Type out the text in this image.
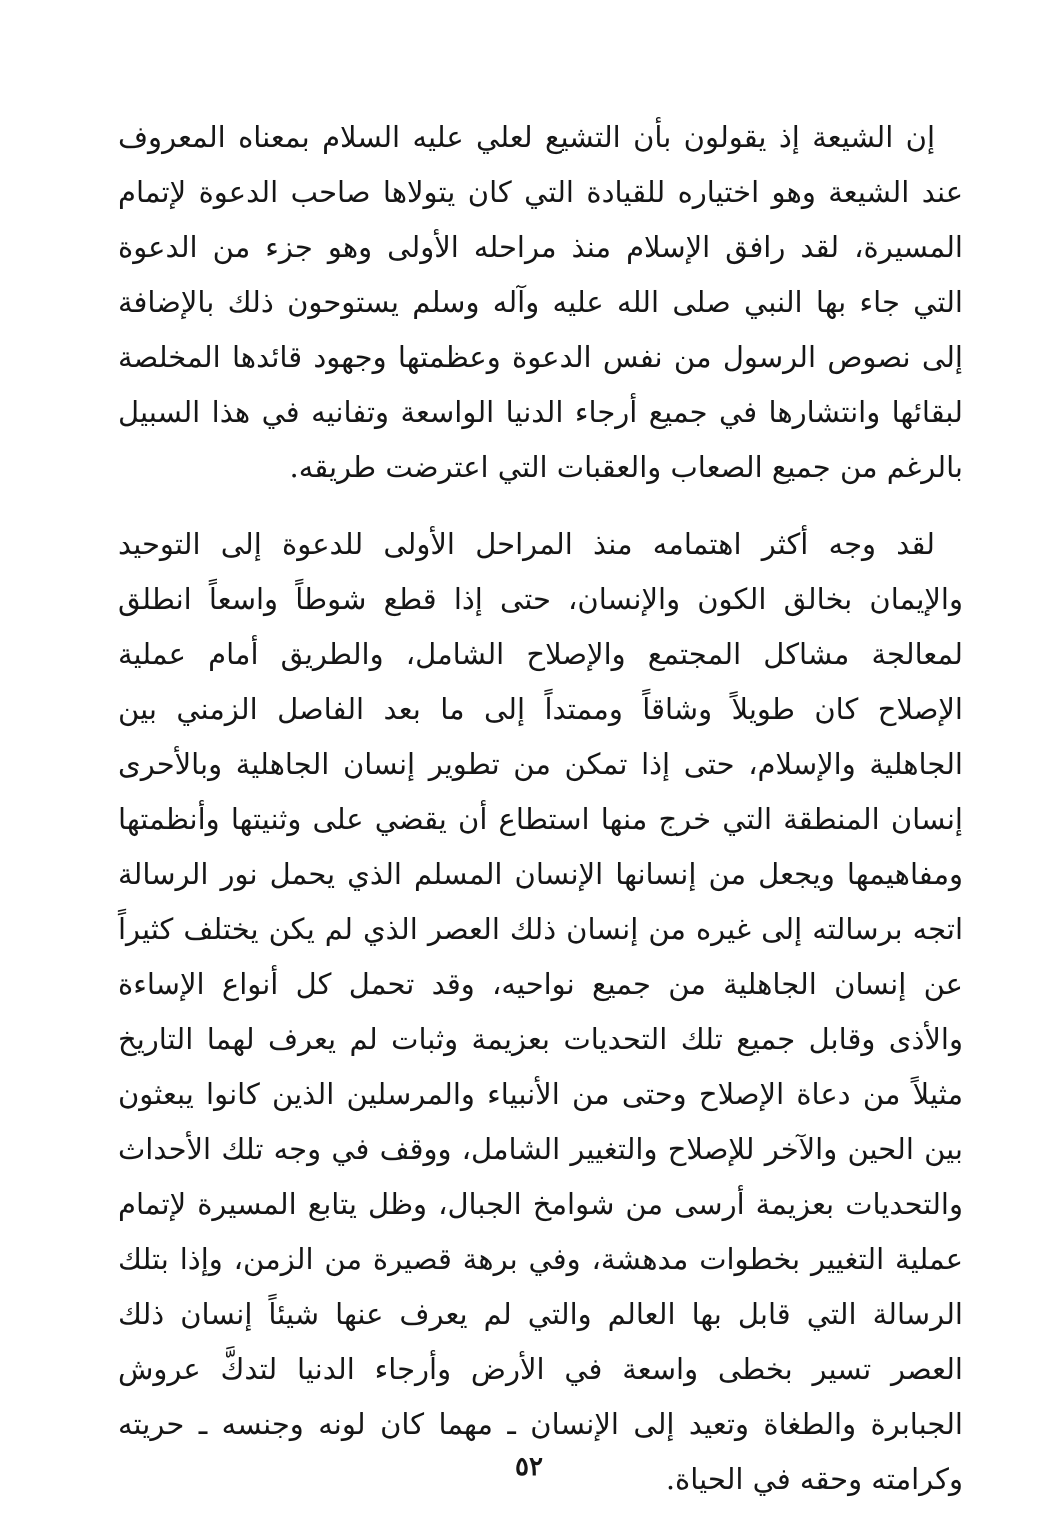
إن الشيعة إذ يقولون بأن التشيع لعلي عليه السلام بمعناه المعروف عند الشيعة وهو اختياره للقيادة التي كان يتولاها صاحب الدعوة لإتمام المسيرة، لقد رافق الإسلام منذ مراحله الأولى وهو جزء من الدعوة التي جاء بها النبي صلى الله عليه وآله وسلم يستوحون ذلك بالإضافة إلى نصوص الرسول من نفس الدعوة وعظمتها وجهود قائدها المخلصة لبقائها وانتشارها في جميع أرجاء الدنيا الواسعة وتفانيه في هذا السبيل بالرغم من جميع الصعاب والعقبات التي اعترضت طريقه.

لقد وجه أكثر اهتمامه منذ المراحل الأولى للدعوة إلى التوحيد والإيمان بخالق الكون والإنسان، حتى إذا قطع شوطاً واسعاً انطلق لمعالجة مشاكل المجتمع والإصلاح الشامل، والطريق أمام عملية الإصلاح كان طويلاً وشاقاً وممتداً إلى ما بعد الفاصل الزمني بين الجاهلية والإسلام، حتى إذا تمكن من تطوير إنسان الجاهلية وبالأحرى إنسان المنطقة التي خرج منها استطاع أن يقضي على وثنيتها وأنظمتها ومفاهيمها ويجعل من إنسانها الإنسان المسلم الذي يحمل نور الرسالة اتجه برسالته إلى غيره من إنسان ذلك العصر الذي لم يكن يختلف كثيراً عن إنسان الجاهلية من جميع نواحيه، وقد تحمل كل أنواع الإساءة والأذى وقابل جميع تلك التحديات بعزيمة وثبات لم يعرف لهما التاريخ مثيلاً من دعاة الإصلاح وحتى من الأنبياء والمرسلين الذين كانوا يبعثون بين الحين والآخر للإصلاح والتغيير الشامل، ووقف في وجه تلك الأحداث والتحديات بعزيمة أرسى من شوامخ الجبال، وظل يتابع المسيرة لإتمام عملية التغيير بخطوات مدهشة، وفي برهة قصيرة من الزمن، وإذا بتلك الرسالة التي قابل بها العالم والتي لم يعرف عنها شيئاً إنسان ذلك العصر تسير بخطى واسعة في الأرض وأرجاء الدنيا لتدكَّ عروش الجبابرة والطغاة وتعيد إلى الإنسان ـ مهما كان لونه وجنسه ـ حريته وكرامته وحقه في الحياة.

٥٢
